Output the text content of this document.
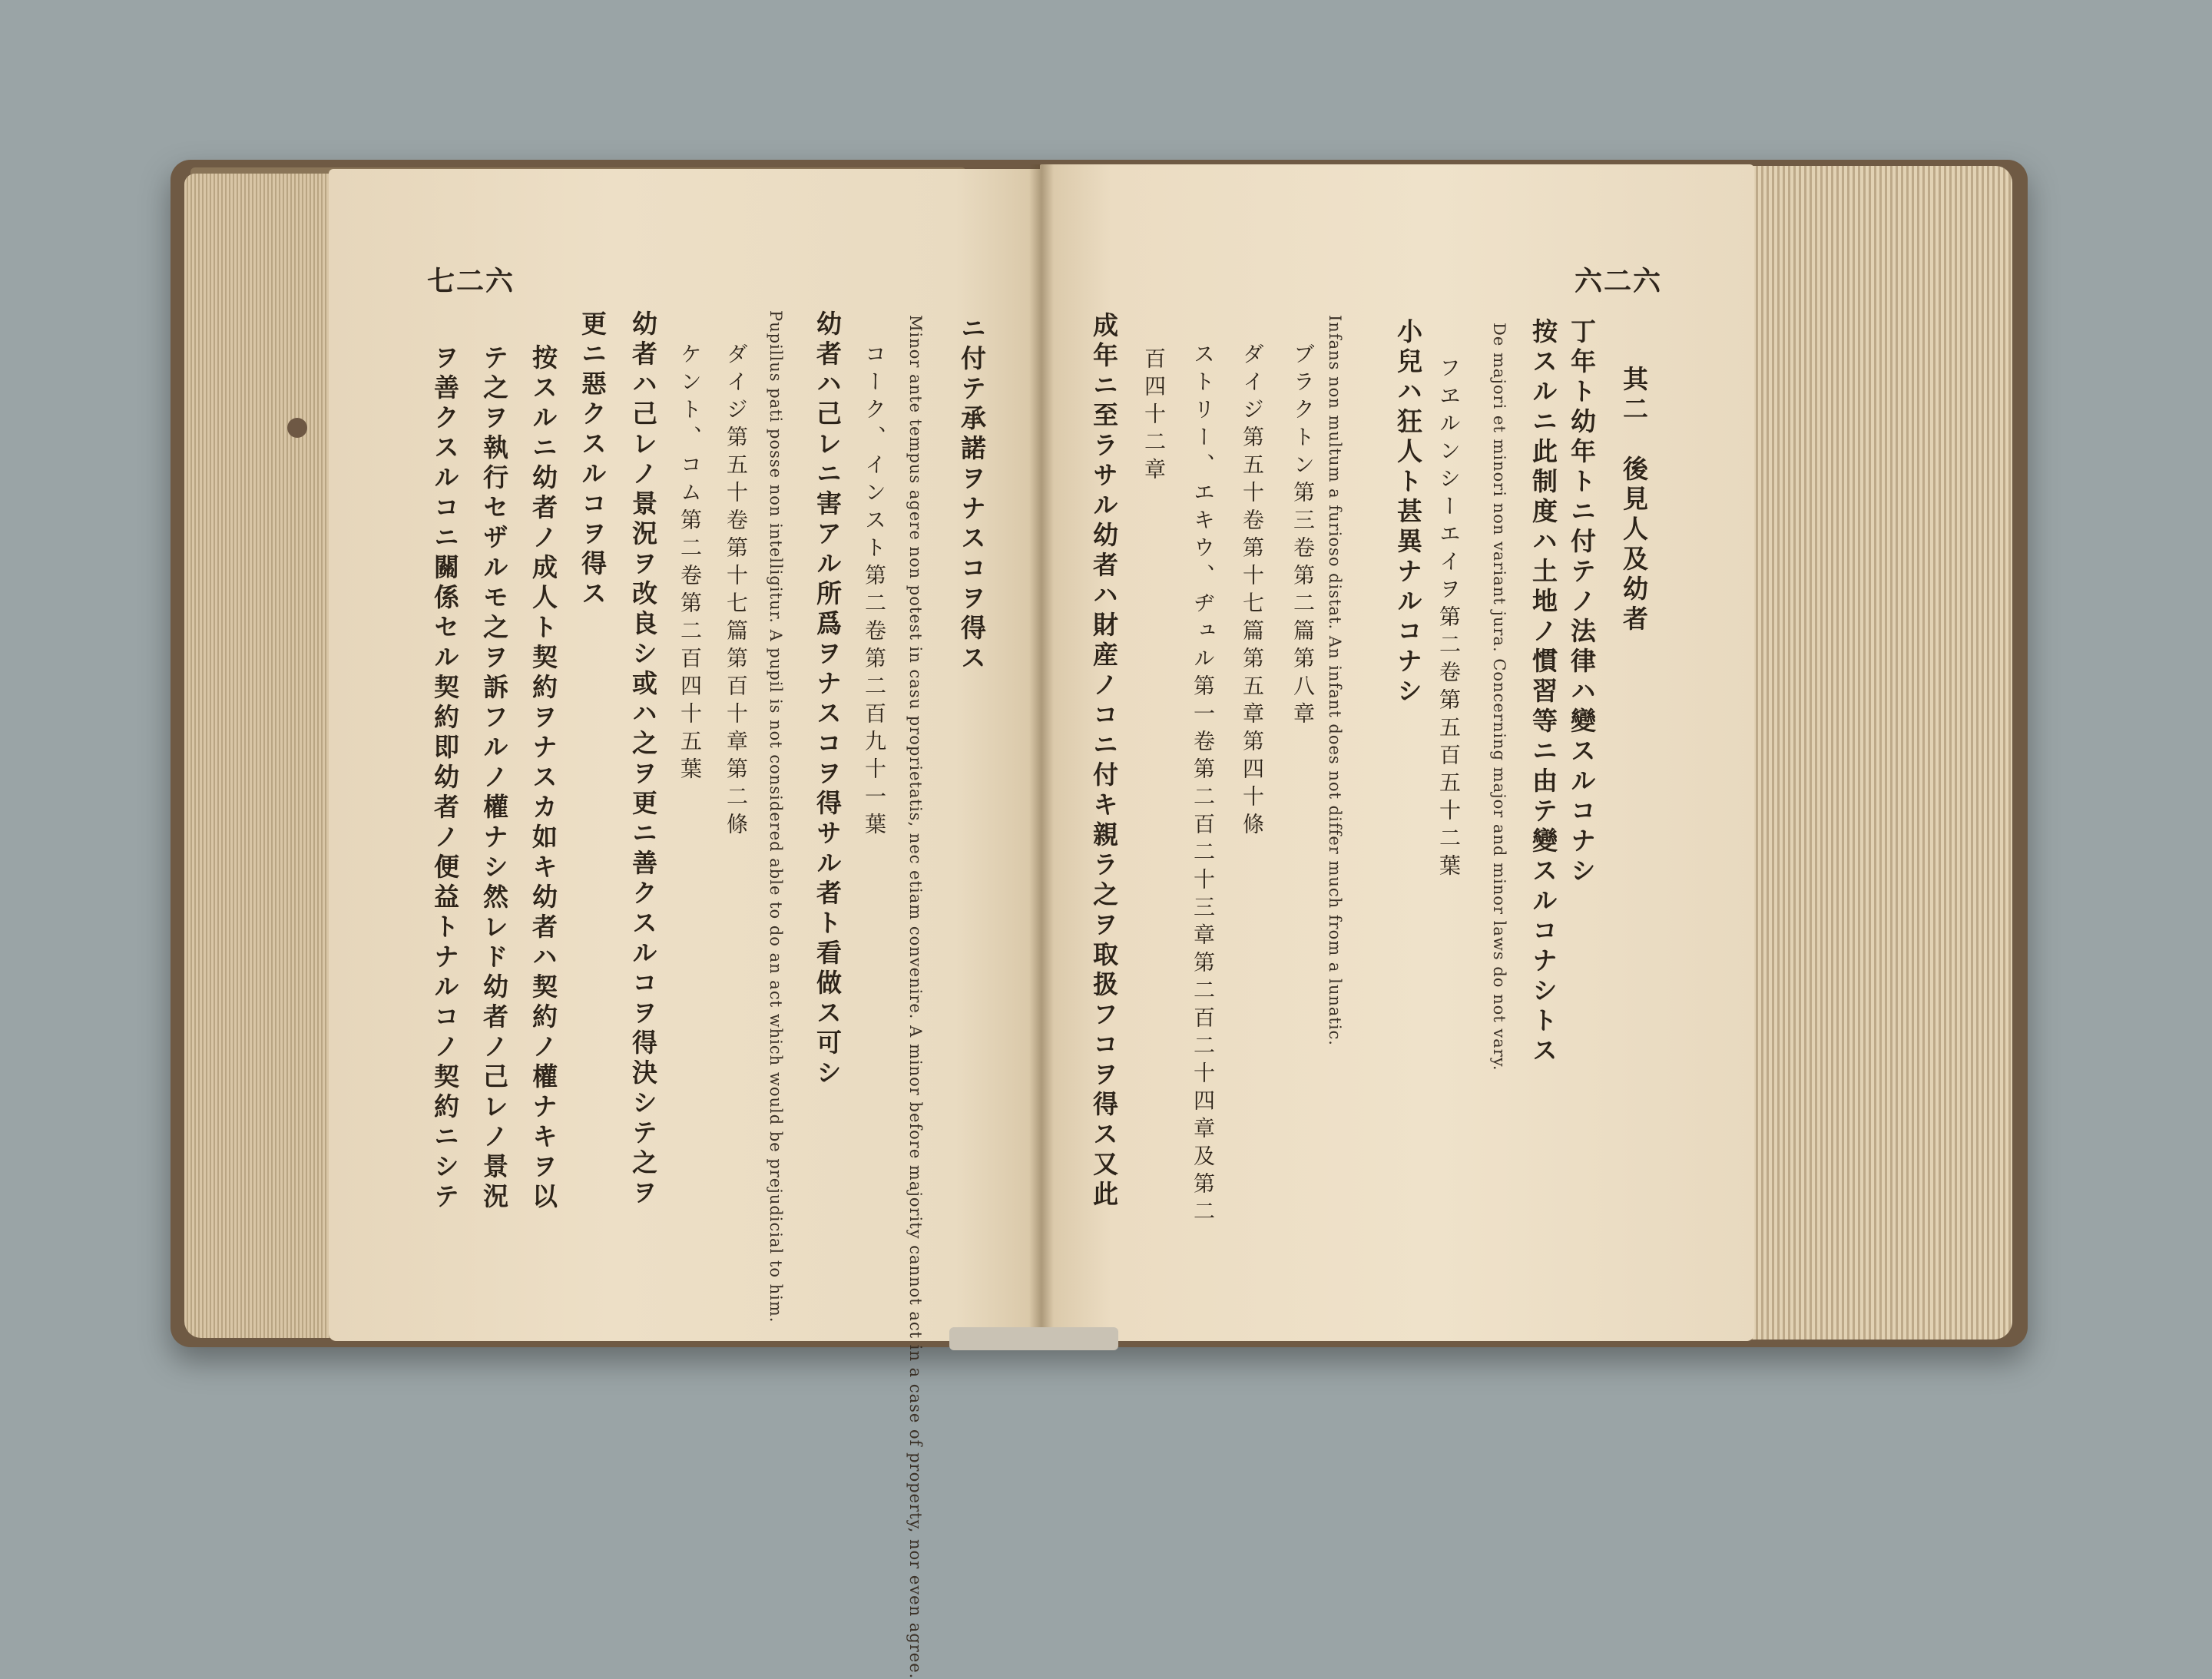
七二六	六二六
其二　後見人及幼者
丁年ト幼年トニ付テノ法律ハ變スルコナシ
De majori et minori non variant jura. Concerning major and minor laws do not vary. 按スルニ此制度ハ土地ノ慣習等ニ由テ變スルコナシトス
フヱルンシーエイヲ第二卷第五百五十二葉
小兒ハ狂人ト甚異ナルコナシ
Infans non multum a furioso distat. An infant does not differ much from a lunatic.
ブラクトン第三卷第二篇第八章
ダイジ第五十卷第十七篇第五章第四十條
ストリー、エキウ、ヂュル第一卷第二百二十三章第二百二十四章及第二
百四十二章
成年ニ至ラサル幼者ハ財産ノコニ付キ親ラ之ヲ取扱フコヲ得ス又此
ニ付テ承諾ヲナスコヲ得ス
Minor ante tempus agere non potest in casu proprietatis, nec etiam convenire. A minor before majority cannot act in a case of property, nor even agree.
コーク、インスト第二卷第二百九十一葉
幼者ハ己レニ害アル所爲ヲナスコヲ得サル者ト看做ス可シ
Pupillus pati posse non intelligitur. A pupil is not considered able to do an act which would be prejudicial to him.
ダイジ第五十卷第十七篇第百十章第二條
ケント、コム第二卷第二百四十五葉
幼者ハ己レノ景況ヲ改良シ或ハ之ヲ更ニ善クスルコヲ得決シテ之ヲ
更ニ惡クスルコヲ得ス
按スルニ幼者ノ成人ト契約ヲナスカ如キ幼者ハ契約ノ權ナキヲ以
テ之ヲ執行セザルモ之ヲ訴フルノ權ナシ然レド幼者ノ己レノ景況
ヲ善クスルコニ關係セル契約即幼者ノ便益トナルコノ契約ニシテ
